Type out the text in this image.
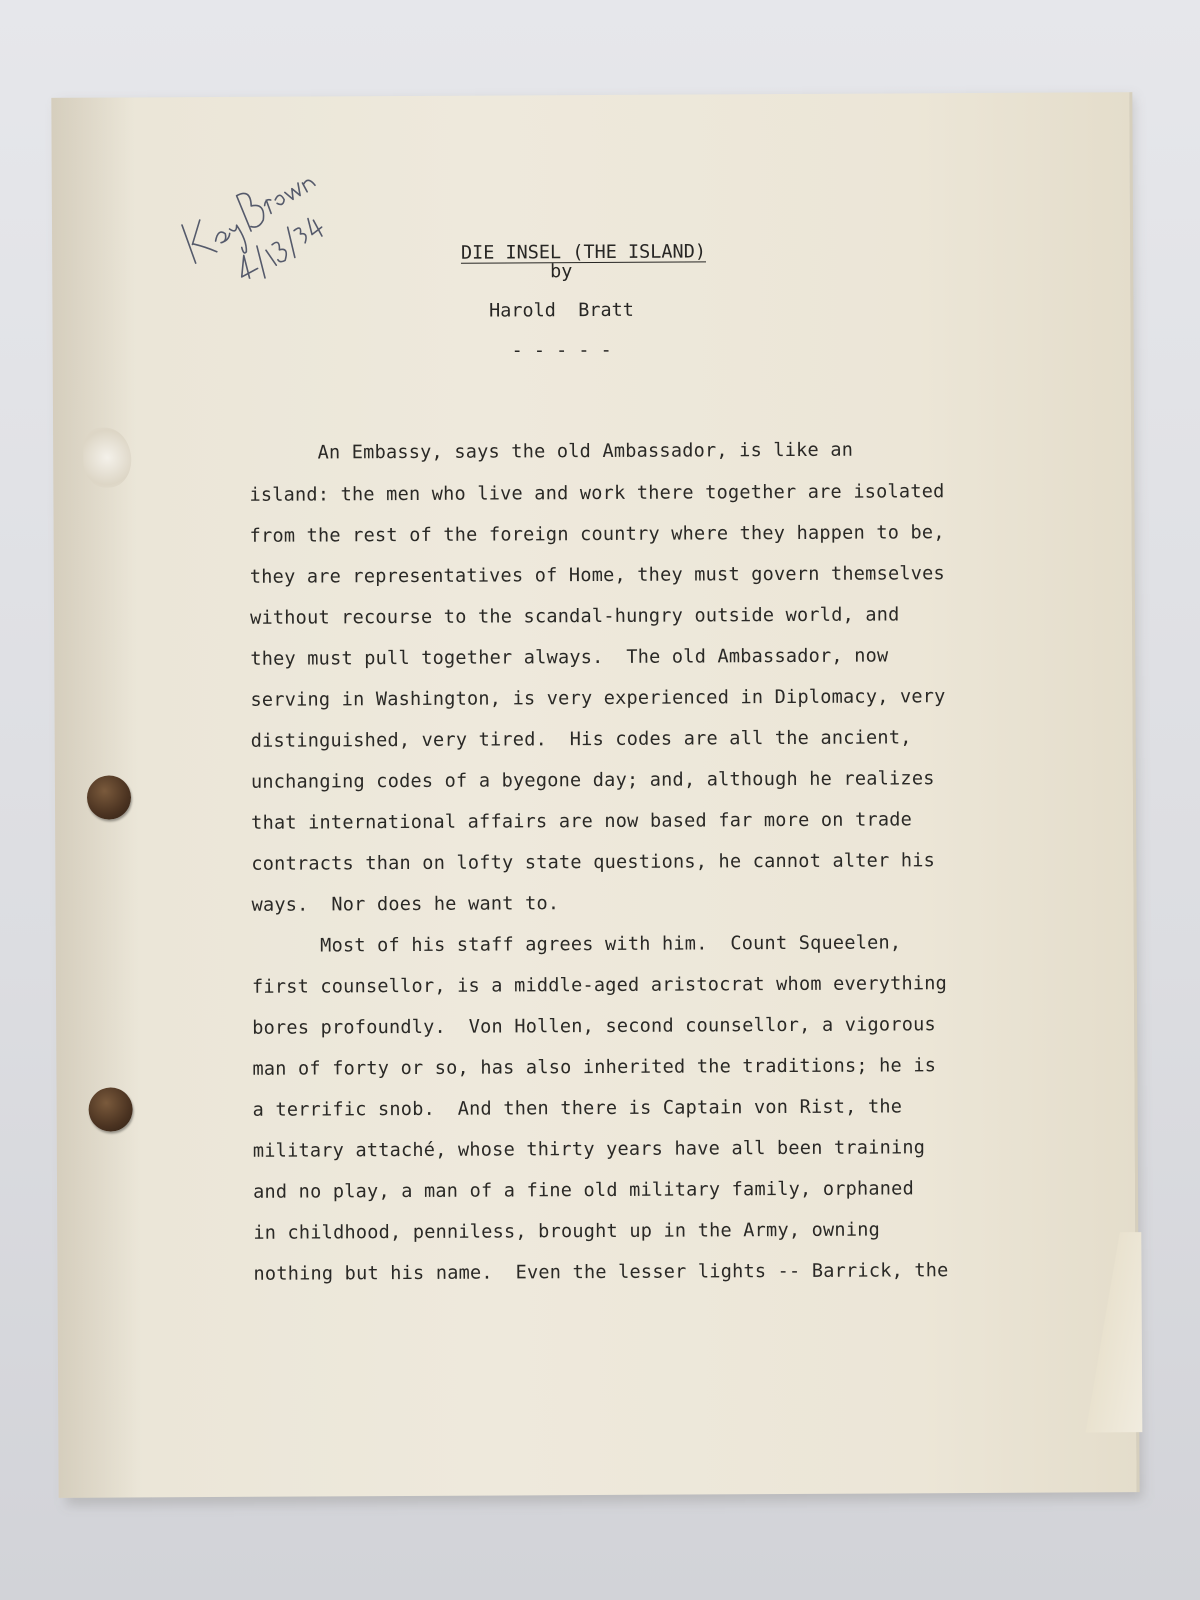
DIE INSEL (THE ISLAND)

by
Harold  Bratt
- - - - -
An Embassy, says the old Ambassador, is like an
island: the men who live and work there together are isolated
from the rest of the foreign country where they happen to be,
they are representatives of Home, they must govern themselves
without recourse to the scandal-hungry outside world, and
they must pull together always.  The old Ambassador, now
serving in Washington, is very experienced in Diplomacy, very
distinguished, very tired.  His codes are all the ancient,
unchanging codes of a byegone day; and, although he realizes
that international affairs are now based far more on trade
contracts than on lofty state questions, he cannot alter his
ways.  Nor does he want to.
Most of his staff agrees with him.  Count Squeelen,
first counsellor, is a middle-aged aristocrat whom everything
bores profoundly.  Von Hollen, second counsellor, a vigorous
man of forty or so, has also inherited the traditions; he is
a terrific snob.  And then there is Captain von Rist, the
military attaché, whose thirty years have all been training
and no play, a man of a fine old military family, orphaned
in childhood, penniless, brought up in the Army, owning
nothing but his name.  Even the lesser lights -- Barrick, the
